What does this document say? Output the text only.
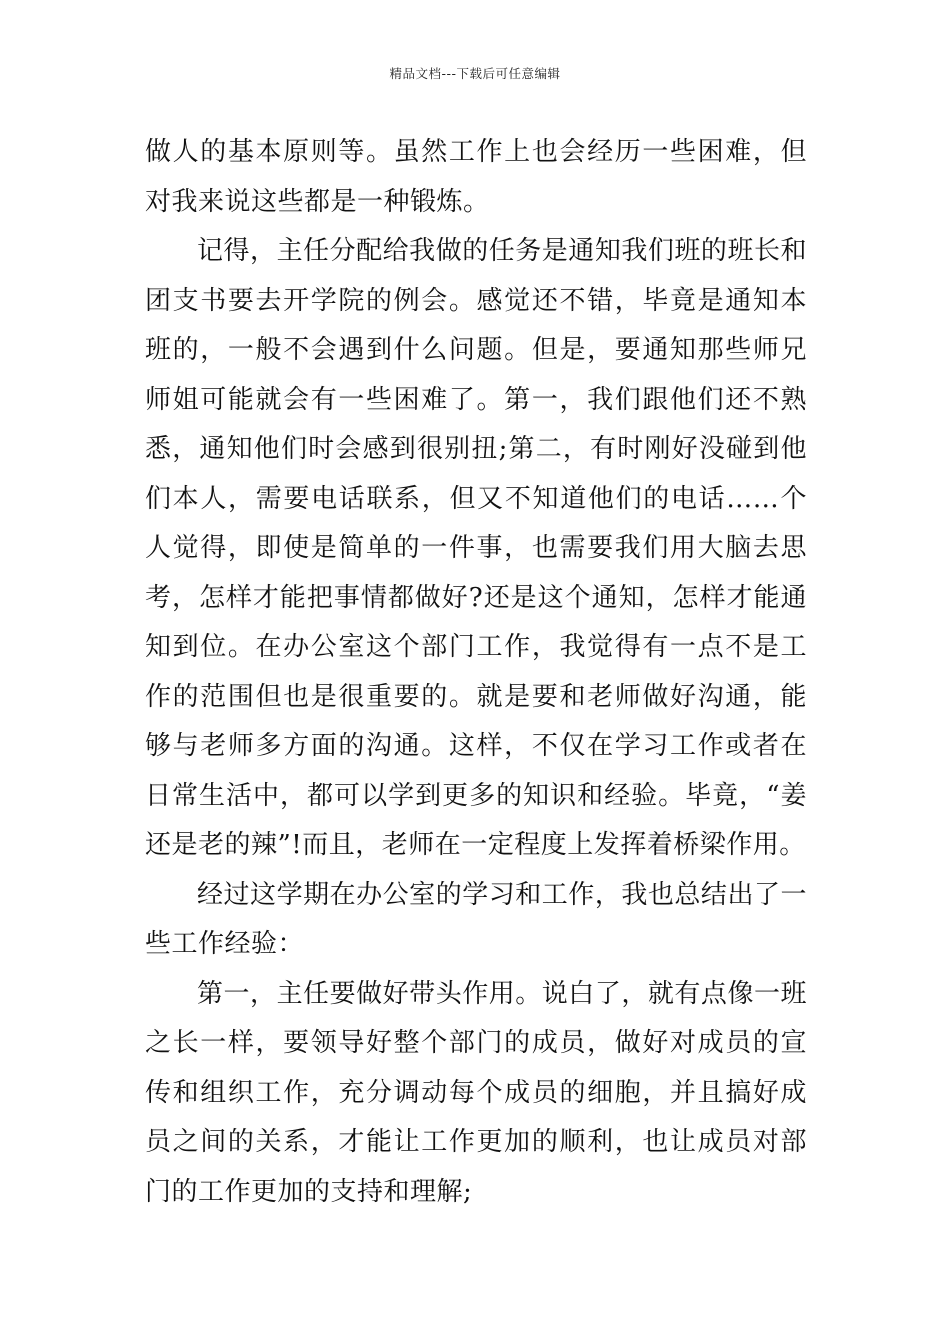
精品文档---下载后可任意编辑

做人的基本原则等。虽然工作上也会经历一些困难，但对我来说这些都是一种锻炼。

记得，主任分配给我做的任务是通知我们班的班长和团支书要去开学院的例会。感觉还不错，毕竟是通知本班的，一般不会遇到什么问题。但是，要通知那些师兄师姐可能就会有一些困难了。第一，我们跟他们还不熟悉，通知他们时会感到很别扭;第二，有时刚好没碰到他们本人，需要电话联系，但又不知道他们的电话……个人觉得，即使是简单的一件事，也需要我们用大脑去思考，怎样才能把事情都做好?还是这个通知，怎样才能通知到位。在办公室这个部门工作，我觉得有一点不是工作的范围但也是很重要的。就是要和老师做好沟通，能够与老师多方面的沟通。这样，不仅在学习工作或者在日常生活中，都可以学到更多的知识和经验。毕竟，“姜还是老的辣”!而且，老师在一定程度上发挥着桥梁作用。

经过这学期在办公室的学习和工作，我也总结出了一些工作经验：

第一，主任要做好带头作用。说白了，就有点像一班之长一样，要领导好整个部门的成员，做好对成员的宣传和组织工作，充分调动每个成员的细胞，并且搞好成员之间的关系，才能让工作更加的顺利，也让成员对部门的工作更加的支持和理解;
